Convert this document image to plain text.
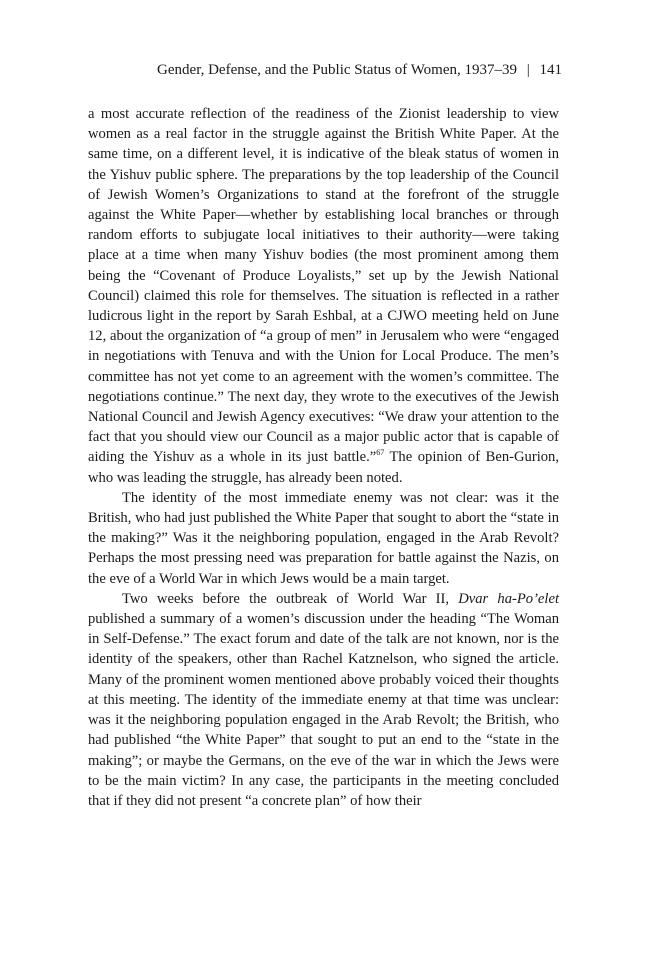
Gender, Defense, and the Public Status of Women, 1937–39 | 141

a most accurate reflection of the readiness of the Zionist leadership to view women as a real factor in the struggle against the British White Paper. At the same time, on a different level, it is indicative of the bleak status of women in the Yishuv public sphere. The preparations by the top leadership of the Council of Jewish Women’s Organizations to stand at the forefront of the struggle against the White Paper—whether by establishing local branches or through random efforts to subjugate local initiatives to their authority—were taking place at a time when many Yishuv bodies (the most prominent among them being the “Covenant of Produce Loyalists,” set up by the Jewish National Council) claimed this role for themselves. The situation is reflected in a rather ludicrous light in the report by Sarah Eshbal, at a CJWO meeting held on June 12, about the organization of “a group of men” in Jerusalem who were “engaged in negotiations with Tenuva and with the Union for Local Produce. The men’s committee has not yet come to an agreement with the women’s committee. The negotiations continue.” The next day, they wrote to the executives of the Jewish National Council and Jewish Agency executives: “We draw your attention to the fact that you should view our Council as a major public actor that is capable of aiding the Yishuv as a whole in its just battle.”$^{67}$ The opinion of Ben-Gurion, who was leading the struggle, has already been noted.

The identity of the most immediate enemy was not clear: was it the British, who had just published the White Paper that sought to abort the “state in the making?” Was it the neighboring population, engaged in the Arab Revolt? Perhaps the most pressing need was preparation for battle against the Nazis, on the eve of a World War in which Jews would be a main target.

Two weeks before the outbreak of World War II, Dvar ha-Po’elet published a summary of a women’s discussion under the heading “The Woman in Self-Defense.” The exact forum and date of the talk are not known, nor is the identity of the speakers, other than Rachel Katznelson, who signed the article. Many of the prominent women mentioned above probably voiced their thoughts at this meeting. The identity of the immediate enemy at that time was unclear: was it the neighboring population engaged in the Arab Revolt; the British, who had published “the White Paper” that sought to put an end to the “state in the making”; or maybe the Germans, on the eve of the war in which the Jews were to be the main victim? In any case, the participants in the meeting concluded that if they did not present “a concrete plan” of how their
